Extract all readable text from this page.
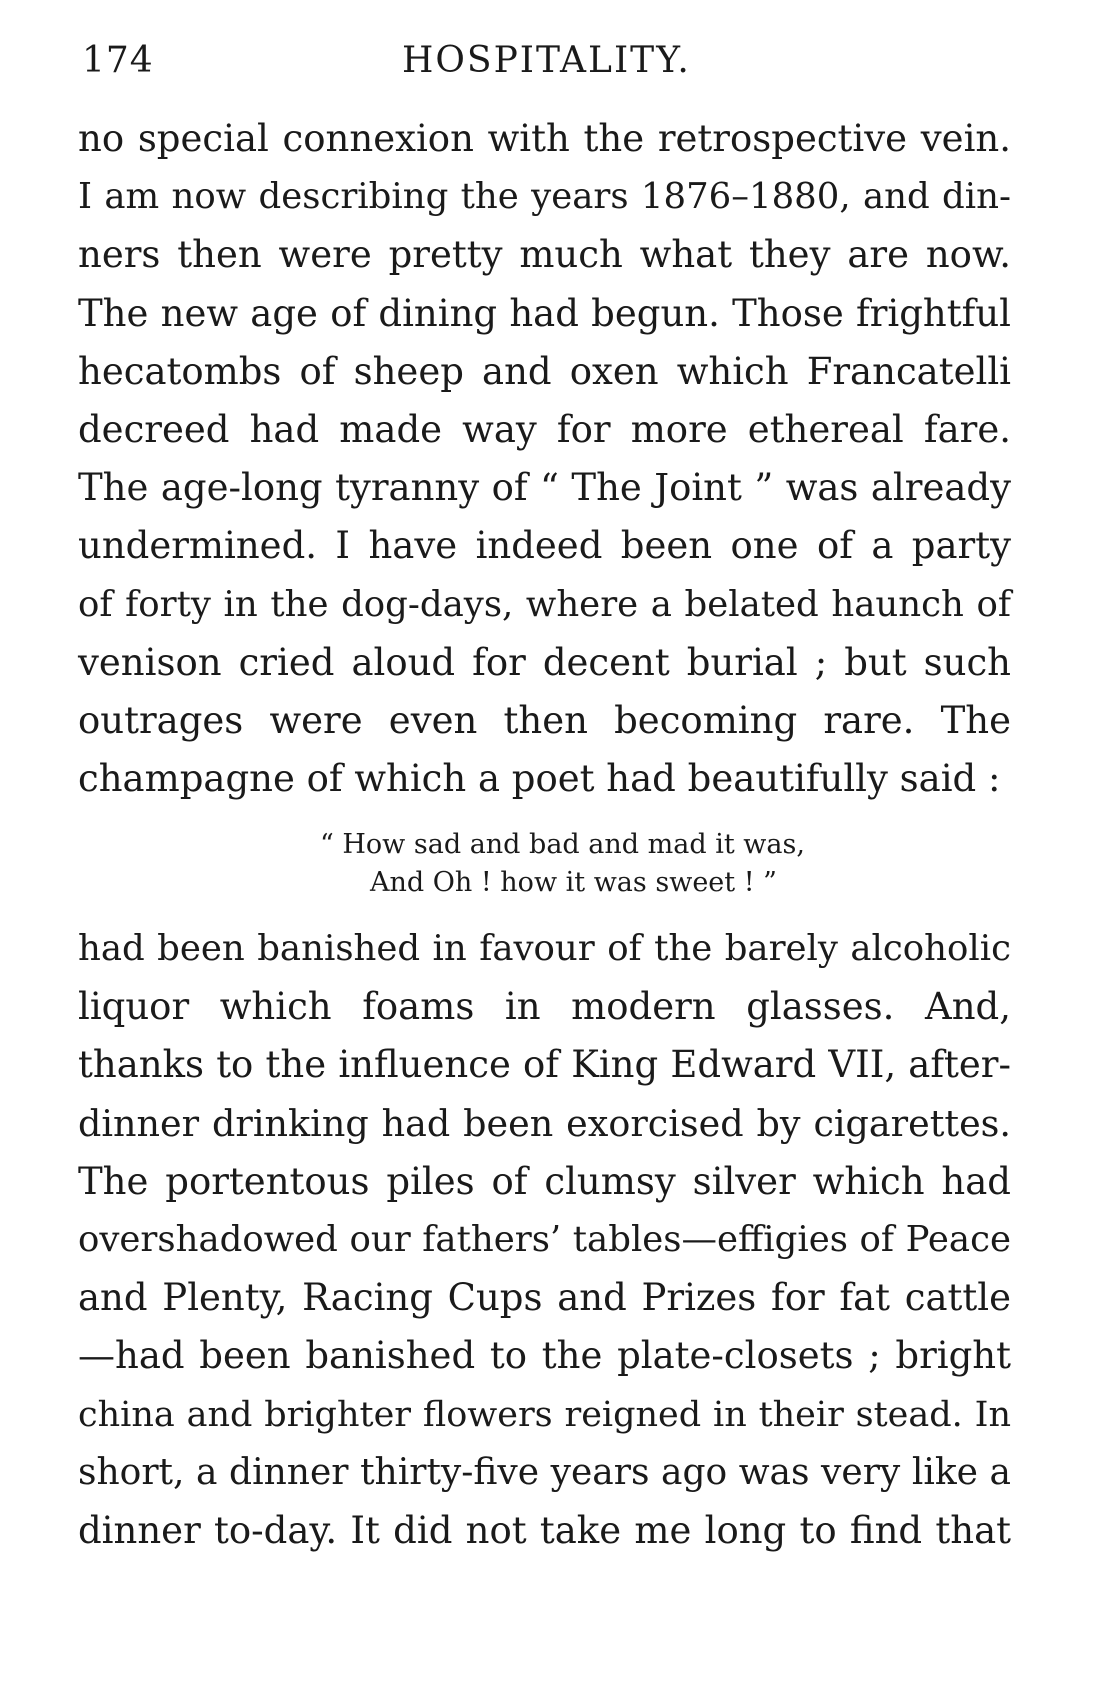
174	HOSPITALITY.
no special connexion with the retrospective vein.
I am now describing the years 1876–1880, and din-
ners then were pretty much what they are now.
The new age of dining had begun. Those frightful
hecatombs of sheep and oxen which Francatelli
decreed had made way for more ethereal fare.
The age-long tyranny of “ The Joint ” was already
undermined. I have indeed been one of a party
of forty in the dog-days, where a belated haunch of
venison cried aloud for decent burial ; but such
outrages were even then becoming rare. The
champagne of which a poet had beautifully said :
“ How sad and bad and mad it was,
And Oh ! how it was sweet ! ”
had been banished in favour of the barely alcoholic
liquor which foams in modern glasses. And,
thanks to the influence of King Edward VII, after-
dinner drinking had been exorcised by cigarettes.
The portentous piles of clumsy silver which had
overshadowed our fathers’ tables—effigies of Peace
and Plenty, Racing Cups and Prizes for fat cattle
—had been banished to the plate-closets ; bright
china and brighter flowers reigned in their stead. In
short, a dinner thirty-five years ago was very like a
dinner to-day. It did not take me long to find that
